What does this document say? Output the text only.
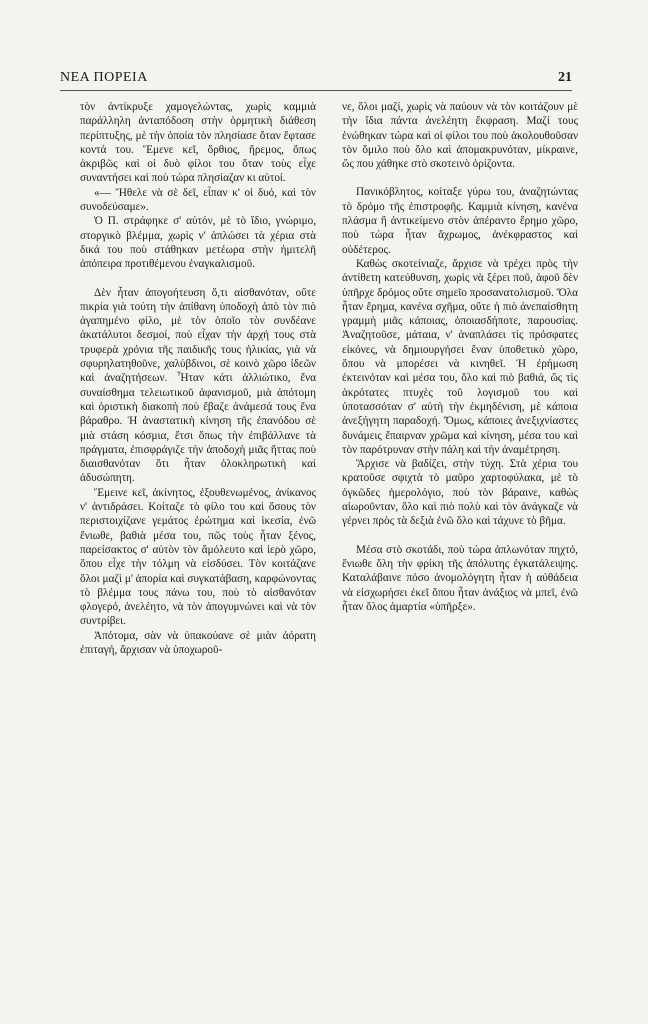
ΝΕΑ ΠΟΡΕΙΑ	21

τὸν ἀντίκρυξε χαμογελώντας, χωρὶς καμμιὰ παράλληλη ἀνταπόδοση στὴν ὁρμητικὴ διάθεση περίπτυξης, μὲ τὴν ὁποία τὸν πλησίασε ὅταν ἔφτασε κοντά του. Ἔμενε κεῖ, ὄρθιος, ἤρεμος, ὅπως ἀκριβῶς καὶ οἱ δυὸ φίλοι του ὅταν τοὺς εἶχε συναντήσει καὶ ποὺ τώρα πλησίαζαν κι αὐτοί.

«— Ἤθελε νὰ σὲ δεῖ, εἶπαν κ' οἱ δυό, καὶ τὸν συνοδεύσαμε».

Ὁ Π. στράφηκε σ' αὐτόν, μὲ τὸ ἴδιο, γνώριμο, στοργικὸ βλέμμα, χωρὶς ν' ἁπλώσει τὰ χέρια στὰ δικά του ποὺ στάθηκαν μετέωρα στὴν ἡμιτελῆ ἀπόπειρα προτιθέμενου ἐναγκαλισμοῦ.

Δὲν ἦταν ἀπογοήτευση ὅ,τι αἰσθανόταν, οὔτε πικρία γιὰ τούτη τὴν ἀπίθανη ὑποδοχὴ ἀπὸ τὸν πιὸ ἀγαπημένο φίλο, μὲ τὸν ὁποῖο τὸν συνδέανε ἀκατάλυτοι δεσμοί, ποὺ εἶχαν τὴν ἀρχή τους στὰ τρυφερὰ χρόνια τῆς παιδικῆς τους ἡλικίας, γιὰ νὰ σφυρηλατηθοῦνε, χαλύβδινοι, σὲ κοινὸ χῶρο ἰδεῶν καὶ ἀναζητήσεων. Ἦταν κάτι ἀλλιώτικο, ἕνα συναίσθημα τελειωτικοῦ ἀφανισμοῦ, μιὰ ἀπότομη καὶ ὁριστικὴ διακοπὴ ποὺ ἔβαζε ἀνάμεσά τους ἕνα βάραθρο. Ἡ ἀναστατικὴ κίνηση τῆς ἐπανόδου σὲ μιὰ στάση κόσμια, ἔτσι ὅπως τὴν ἐπιβάλλανε τὰ πράγματα, ἐπισφράγιζε τὴν ἀποδοχὴ μιᾶς ἥττας ποὺ διαισθανόταν ὅτι ἦταν ὁλοκληρωτικὴ καὶ ἀδυσώπητη.

Ἔμεινε κεῖ, ἀκίνητος, ἐξουθενωμένος, ἀνίκανος ν' ἀντιδράσει. Κοίταζε τὸ φίλο του καὶ ὅσους τὸν περιστοιχίζανε γεμάτος ἐρώτημα καὶ ἱκεσία, ἐνῶ ἔνιωθε, βαθιὰ μέσα του, πῶς τοὺς ἦταν ξένος, παρείσακτος σ' αὐτὸν τὸν ἄμόλευτο καὶ ἱερὸ χῶρο, ὅπου εἶχε τὴν τόλμη νὰ εἰσδύσει. Τὸν κοιτάζανε ὅλοι μαζὶ μ' ἀπορία καὶ συγκατάβαση, καρφώνοντας τὸ βλέμμα τους πάνω του, ποὺ τὸ αἰσθανόταν φλογερό, ἀνελέητο, νὰ τὸν ἀπογυμνώνει καὶ νὰ τὸν συντρίβει.

Ἀπότομα, σὰν νὰ ὑπακούανε σὲ μιὰν ἀόρατη ἐπιταγή, ἄρχισαν νὰ ὑποχωροῦ-

νε, ὅλοι μαζί, χωρὶς νὰ παύουν νὰ τὸν κοιτάζουν μὲ τὴν ἴδια πάντα ἀνελέητη ἔκφραση. Μαζί τους ἑνώθηκαν τώρα καὶ οἱ φίλοι του ποὺ ἀκολουθοῦσαν τὸν ὅμιλο ποὺ ὅλο καὶ ἀπομακρυνόταν, μίκραινε, ὥς που χάθηκε στὸ σκοτεινὸ ὁρίζοντα.

Πανικόβλητος, κοίταξε γύρω του, ἀναζητώντας τὸ δρόμο τῆς ἐπιστροφῆς. Καμμιὰ κίνηση, κανένα πλάσμα ἢ ἀντικείμενο στὸν ἀπέραντο ἔρημο χῶρο, ποὺ τώρα ἦταν ἄχρωμος, ἀνέκφραστος καὶ οὐδέτερος.

Καθὼς σκοτείνιαζε, ἄρχισε νὰ τρέχει πρὸς τὴν ἀντίθετη κατεύθυνση, χωρὶς νὰ ξέρει ποῦ, ἀφοῦ δὲν ὑπῆρχε δρόμος οὔτε σημεῖο προσανατολισμοῦ. Ὅλα ἦταν ἔρημα, κανένα σχῆμα, οὔτε ἡ πιὸ ἀνεπαίσθητη γραμμὴ μιᾶς κάποιας, ὁποιασδήποτε, παρουσίας. Ἀναζητοῦσε, μάταια, ν' ἀναπλάσει τὶς πρόσφατες εἰκόνες, νὰ δημιουργήσει ἕναν ὑποθετικὸ χῶρο, ὅπου νὰ μπορέσει νὰ κινηθεῖ. Ἡ ἐρήμωση ἐκτεινόταν καὶ μέσα του, ὅλο καὶ πιὸ βαθιά, ὥς τὶς ἀκρότατες πτυχὲς τοῦ λογισμοῦ του καὶ ὑποτασσόταν σ' αὐτὴ τὴν ἐκμηδένιση, μὲ κάποια ἀνεξήγητη παραδοχή. Ὅμως, κάποιες ἀνεξιχνίαστες δυνάμεις ἔπαιρναν χρῶμα καὶ κίνηση, μέσα του καὶ τὸν παρότρυναν στὴν πάλη καὶ τὴν ἀναμέτρηση.

Ἄρχισε νὰ βαδίζει, στὴν τύχη. Στὰ χέρια του κρατοῦσε σφιχτὰ τὸ μαῦρο χαρτοφύλακα, μὲ τὸ ὀγκῶδες ἡμερολόγιο, ποὺ τὸν βάραινε, καθὼς αἰωροῦνταν, ὅλο καὶ πιὸ πολὺ καὶ τὸν ἀνάγκαζε νὰ γέρνει πρὸς τὰ δεξιὰ ἐνῶ ὅλο καὶ τάχυνε τὸ βῆμα.

Μέσα στὸ σκοτάδι, ποὺ τώρα ἁπλωνόταν πηχτό, ἔνιωθε ὅλη τὴν φρίκη τῆς ἀπόλυτης ἐγκατάλειψης. Καταλάβαινε πόσο ἀνομολόγητη ἦταν ἡ αὐθάδεια νὰ εἰσχωρήσει ἐκεῖ ὅπου ἦταν ἀνάξιος νὰ μπεῖ, ἐνῶ ἦταν ὅλος ἁμαρτία «ὑπῆρξε».
